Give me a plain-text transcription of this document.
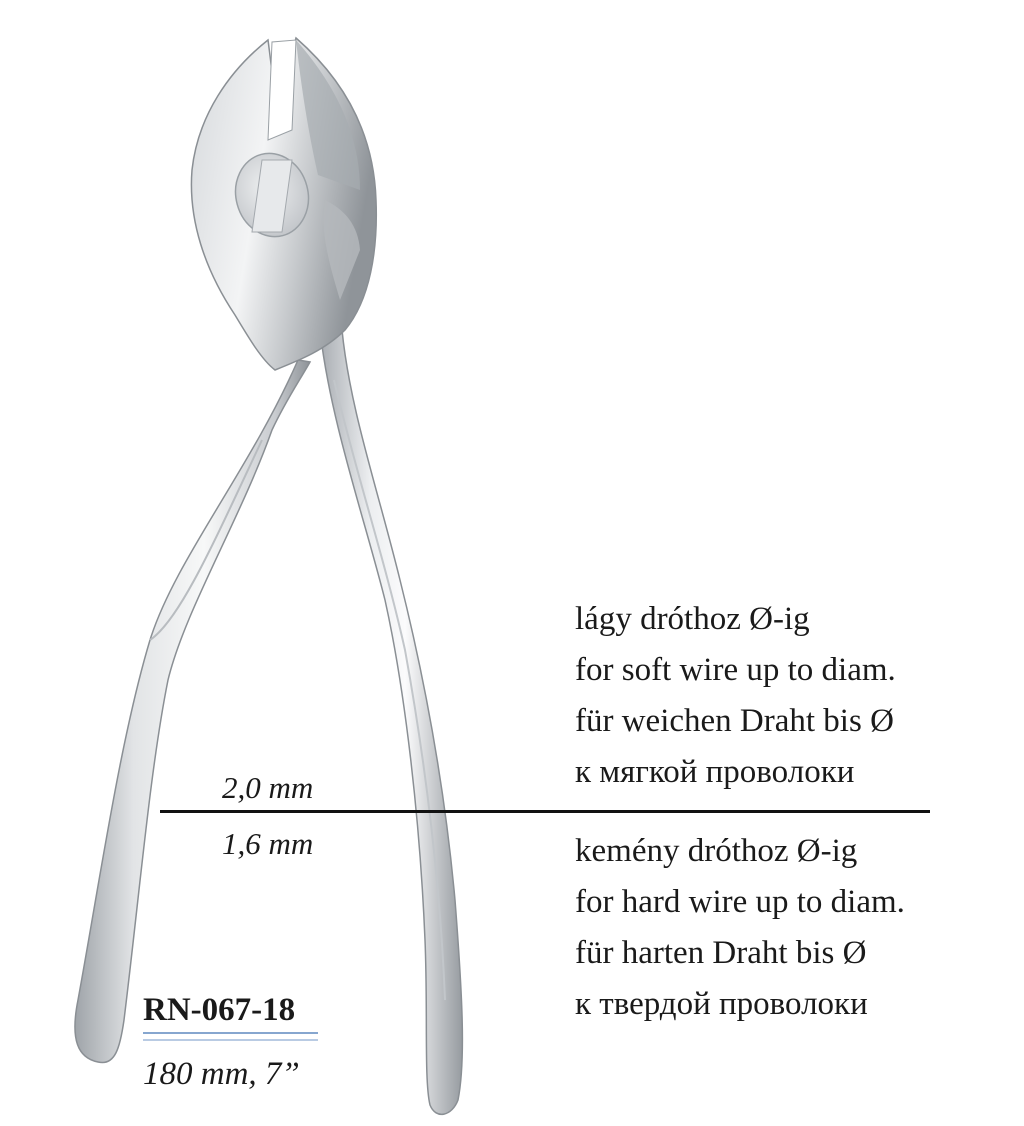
2,0 mm
1,6 mm
lágy dróthoz Ø-ig
for soft wire up to diam.
für weichen Draht bis Ø
к мягкой проволоки
kemény dróthoz Ø-ig
for hard wire up to diam.
für harten Draht bis Ø
к твердой проволоки
RN-067-18
180 mm, 7”
